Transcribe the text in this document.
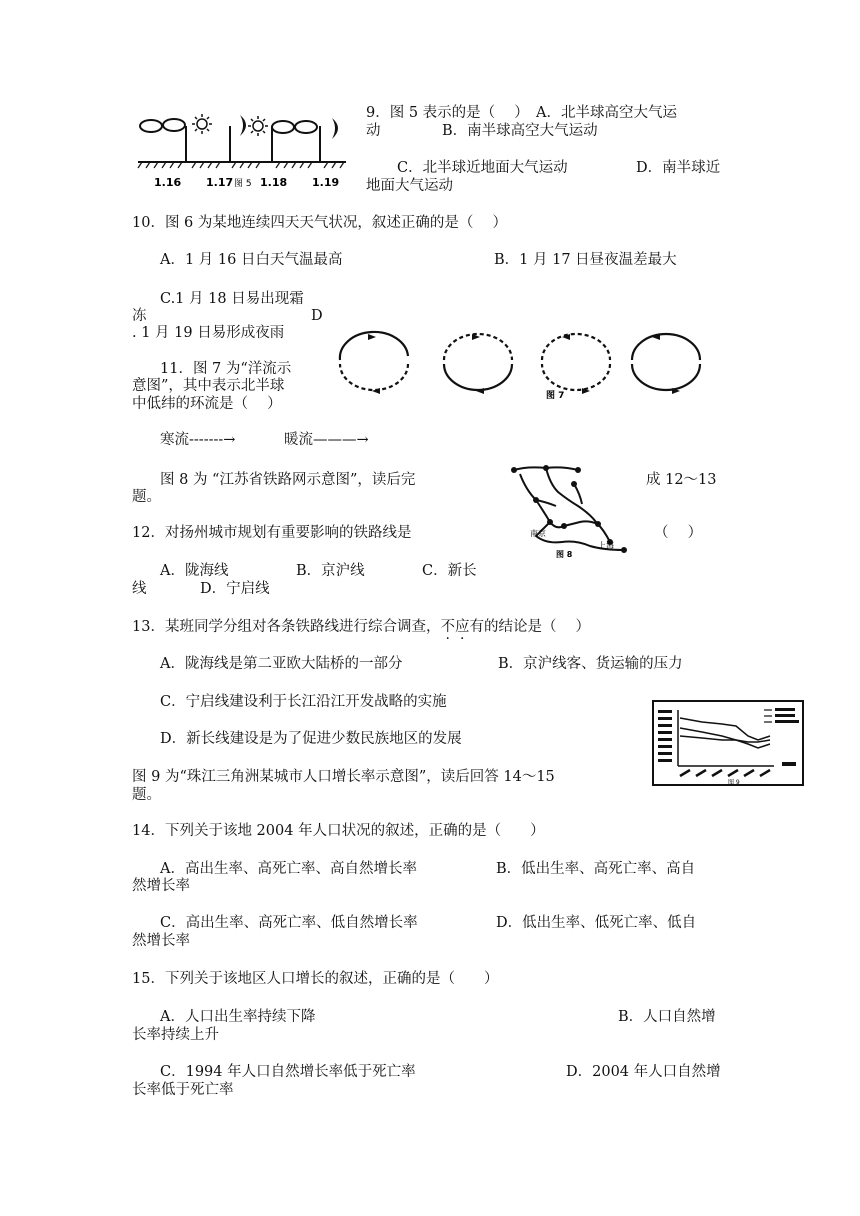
1.16 1.17 图 5 1.18 1.19
9．图 5 表示的是（　 ）　A．北半球高空大气运
动	B．南半球高空大气运动
C．北半球近地面大气运动	D．南半球近
地面大气运动
10．图 6 为某地连续四天天气状况，叙述正确的是（　 ）
A．1 月 16 日白天气温最高	B．1 月 17 日昼夜温差最大
C.1 月 18 日易出现霜
冻	D
. 1 月 19 日易形成夜雨
图 7
11．图 7 为“洋流示
意图”，其中表示北半球
中低纬的环流是（　 ）
寒流-------→	暖流———→
南京
上海
图 8
图 8 为 “江苏省铁路网示意图”，读后完	成 12～13
题。
12．对扬州城市规划有重要影响的铁路线是	（　 ）
A．陇海线	B．京沪线	C．新长
线	D．宁启线
13．某班同学分组对各条铁路线进行综合调查，不应有的结论是（　 ）
A．陇海线是第二亚欧大陆桥的一部分	B．京沪线客、货运输的压力
C．宁启线建设利于长江沿江开发战略的实施
D．新长线建设是为了促进少数民族地区的发展
图 9
图 9 为“珠江三角洲某城市人口增长率示意图”，读后回答 14～15
题。
14．下列关于该地 2004 年人口状况的叙述，正确的是（　　）
A．高出生率、高死亡率、高自然增长率	B．低出生率、高死亡率、高自
然增长率
C．高出生率、高死亡率、低自然增长率	D．低出生率、低死亡率、低自
然增长率
15．下列关于该地区人口增长的叙述，正确的是（　　）
A．人口出生率持续下降	B．人口自然增
长率持续上升
C．1994 年人口自然增长率低于死亡率	D．2004 年人口自然增
长率低于死亡率
